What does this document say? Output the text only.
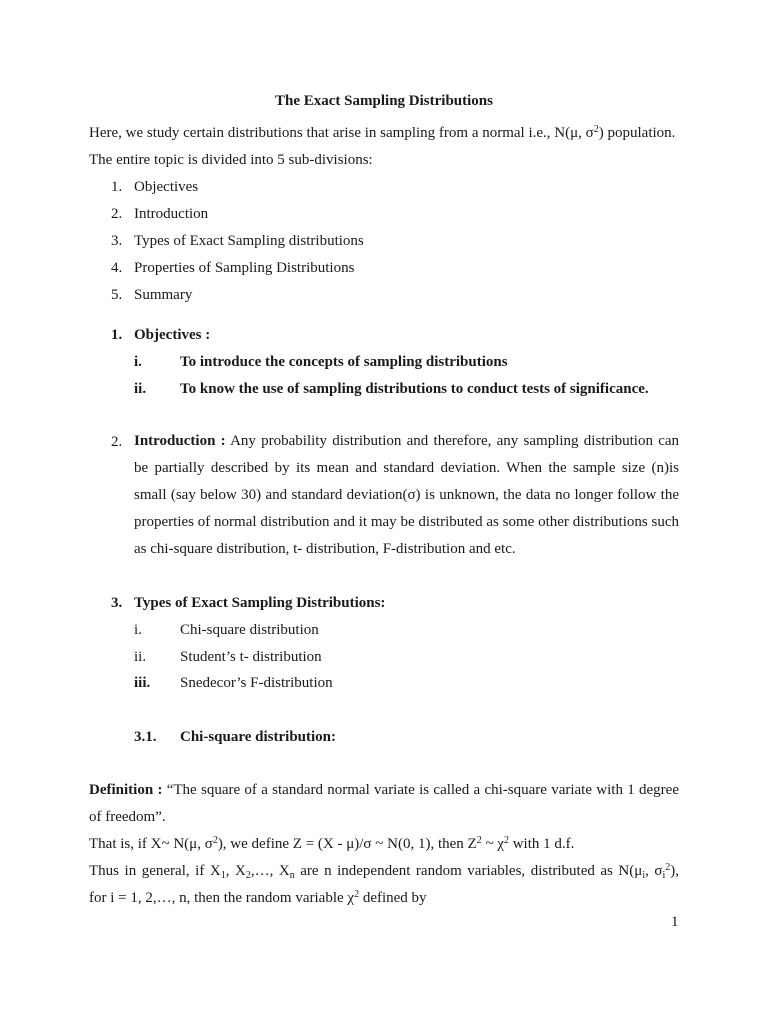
The Exact Sampling Distributions
Here, we study certain distributions that arise in sampling from a normal i.e., N(μ, $\sigma^2$) population.
The entire topic is divided into 5 sub-divisions:
1. Objectives
2. Introduction
3. Types of Exact Sampling distributions
4. Properties of Sampling Distributions
5. Summary
1. Objectives :
i.	To introduce the concepts of sampling distributions
ii. To know the use of sampling distributions to conduct tests of significance.
2. Introduction : Any probability distribution and therefore, any sampling distribution can be partially described by its mean and standard deviation. When the sample size (n)is small (say below 30) and standard deviation(σ) is unknown, the data no longer follow the properties of normal distribution and it may be distributed as some other distributions such as chi-square distribution, t- distribution, F-distribution and etc.
3. Types of Exact Sampling Distributions:
i.	Chi-square distribution
ii. Student’s t- distribution
iii. Snedecor’s F-distribution
3.1. Chi-square distribution:
Definition : “The square of a standard normal variate is called a chi-square variate with 1 degree of freedom”.
That is, if X~ N(μ, $\sigma^2$), we define Z = (X - μ)/σ ~ N(0, 1), then $Z^2$ ~ $\chi^2$ with 1 d.f.
Thus in general, if $X_1$, $X_2,\dots$, $X_n$ are n independent random variables, distributed as $N(\mu_i$, $\sigma_i^2$),
for i = 1, 2,…, n, then the random variable $\chi^2$ defined by
1
